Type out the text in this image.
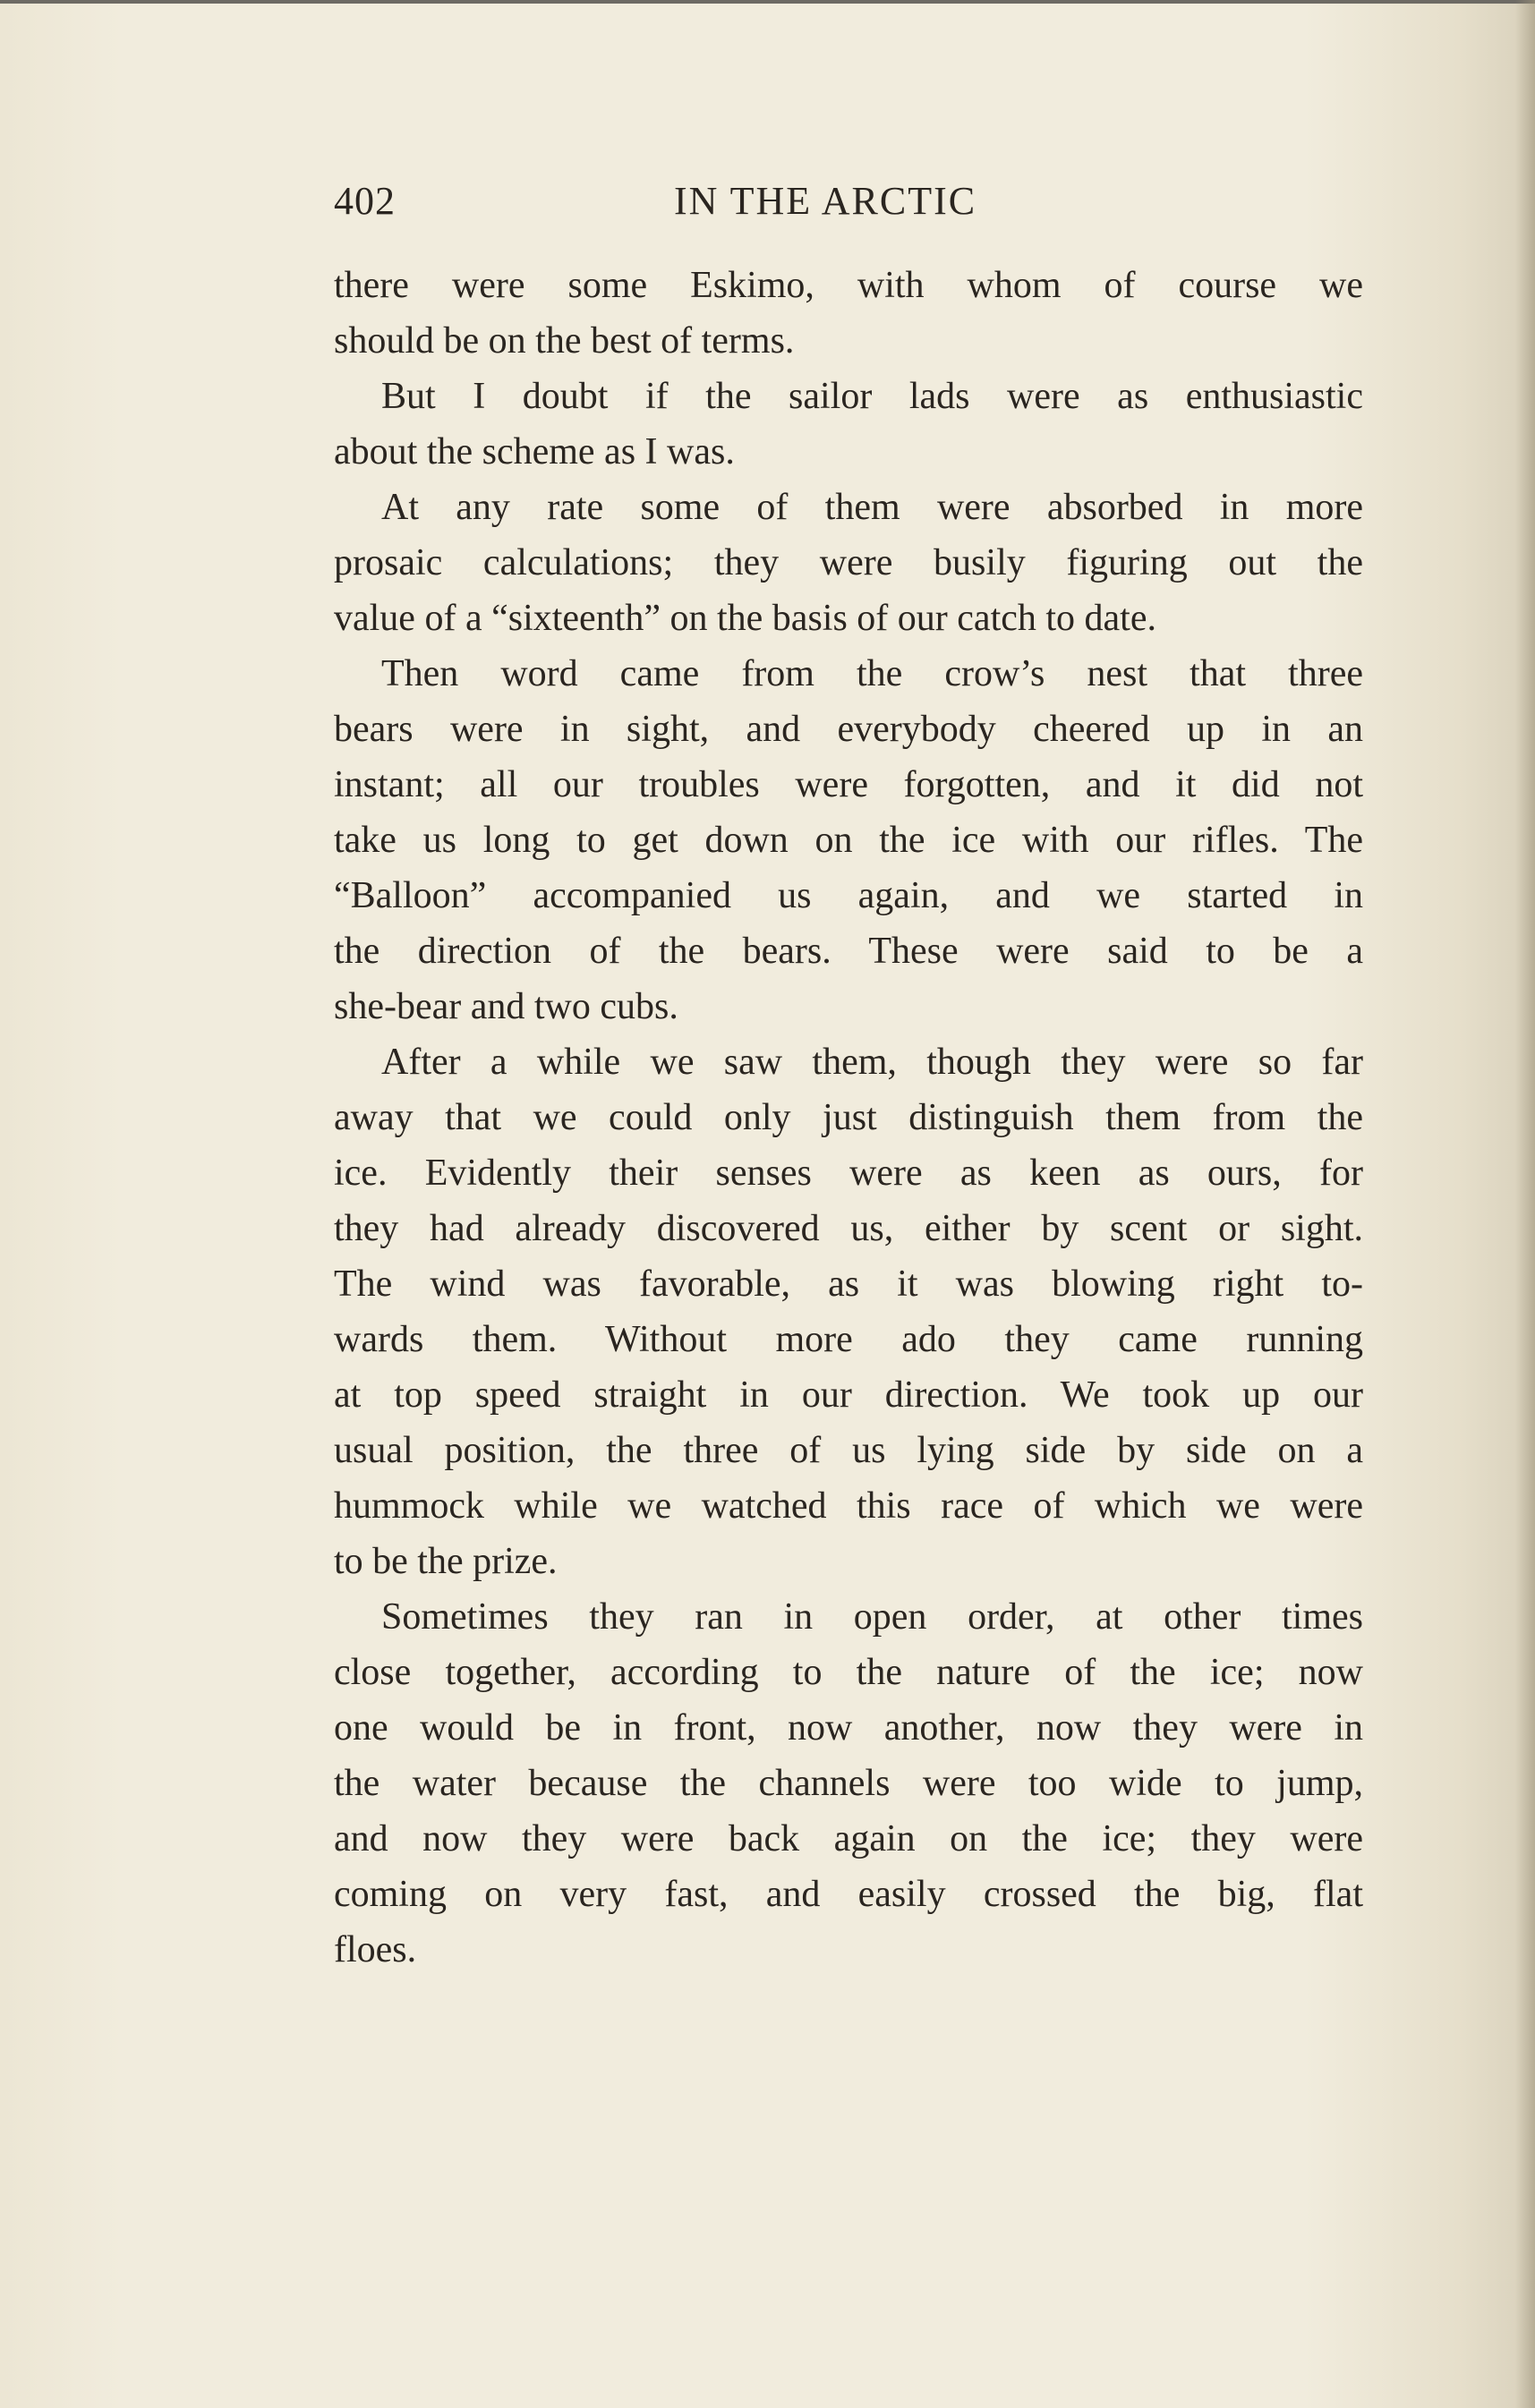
402	IN THE ARCTIC
there were some Eskimo, with whom of course we
should be on the best of terms.
But I doubt if the sailor lads were as enthusiastic
about the scheme as I was.
At any rate some of them were absorbed in more
prosaic calculations; they were busily figuring out the
value of a “sixteenth” on the basis of our catch to date.
Then word came from the crow’s nest that three
bears were in sight, and everybody cheered up in an
instant; all our troubles were forgotten, and it did not
take us long to get down on the ice with our rifles. The
“Balloon” accompanied us again, and we started in
the direction of the bears. These were said to be a
she-bear and two cubs.
After a while we saw them, though they were so far
away that we could only just distinguish them from the
ice. Evidently their senses were as keen as ours, for
they had already discovered us, either by scent or sight.
The wind was favorable, as it was blowing right to-
wards them. Without more ado they came running
at top speed straight in our direction. We took up our
usual position, the three of us lying side by side on a
hummock while we watched this race of which we were
to be the prize.
Sometimes they ran in open order, at other times
close together, according to the nature of the ice; now
one would be in front, now another, now they were in
the water because the channels were too wide to jump,
and now they were back again on the ice; they were
coming on very fast, and easily crossed the big, flat
floes.
